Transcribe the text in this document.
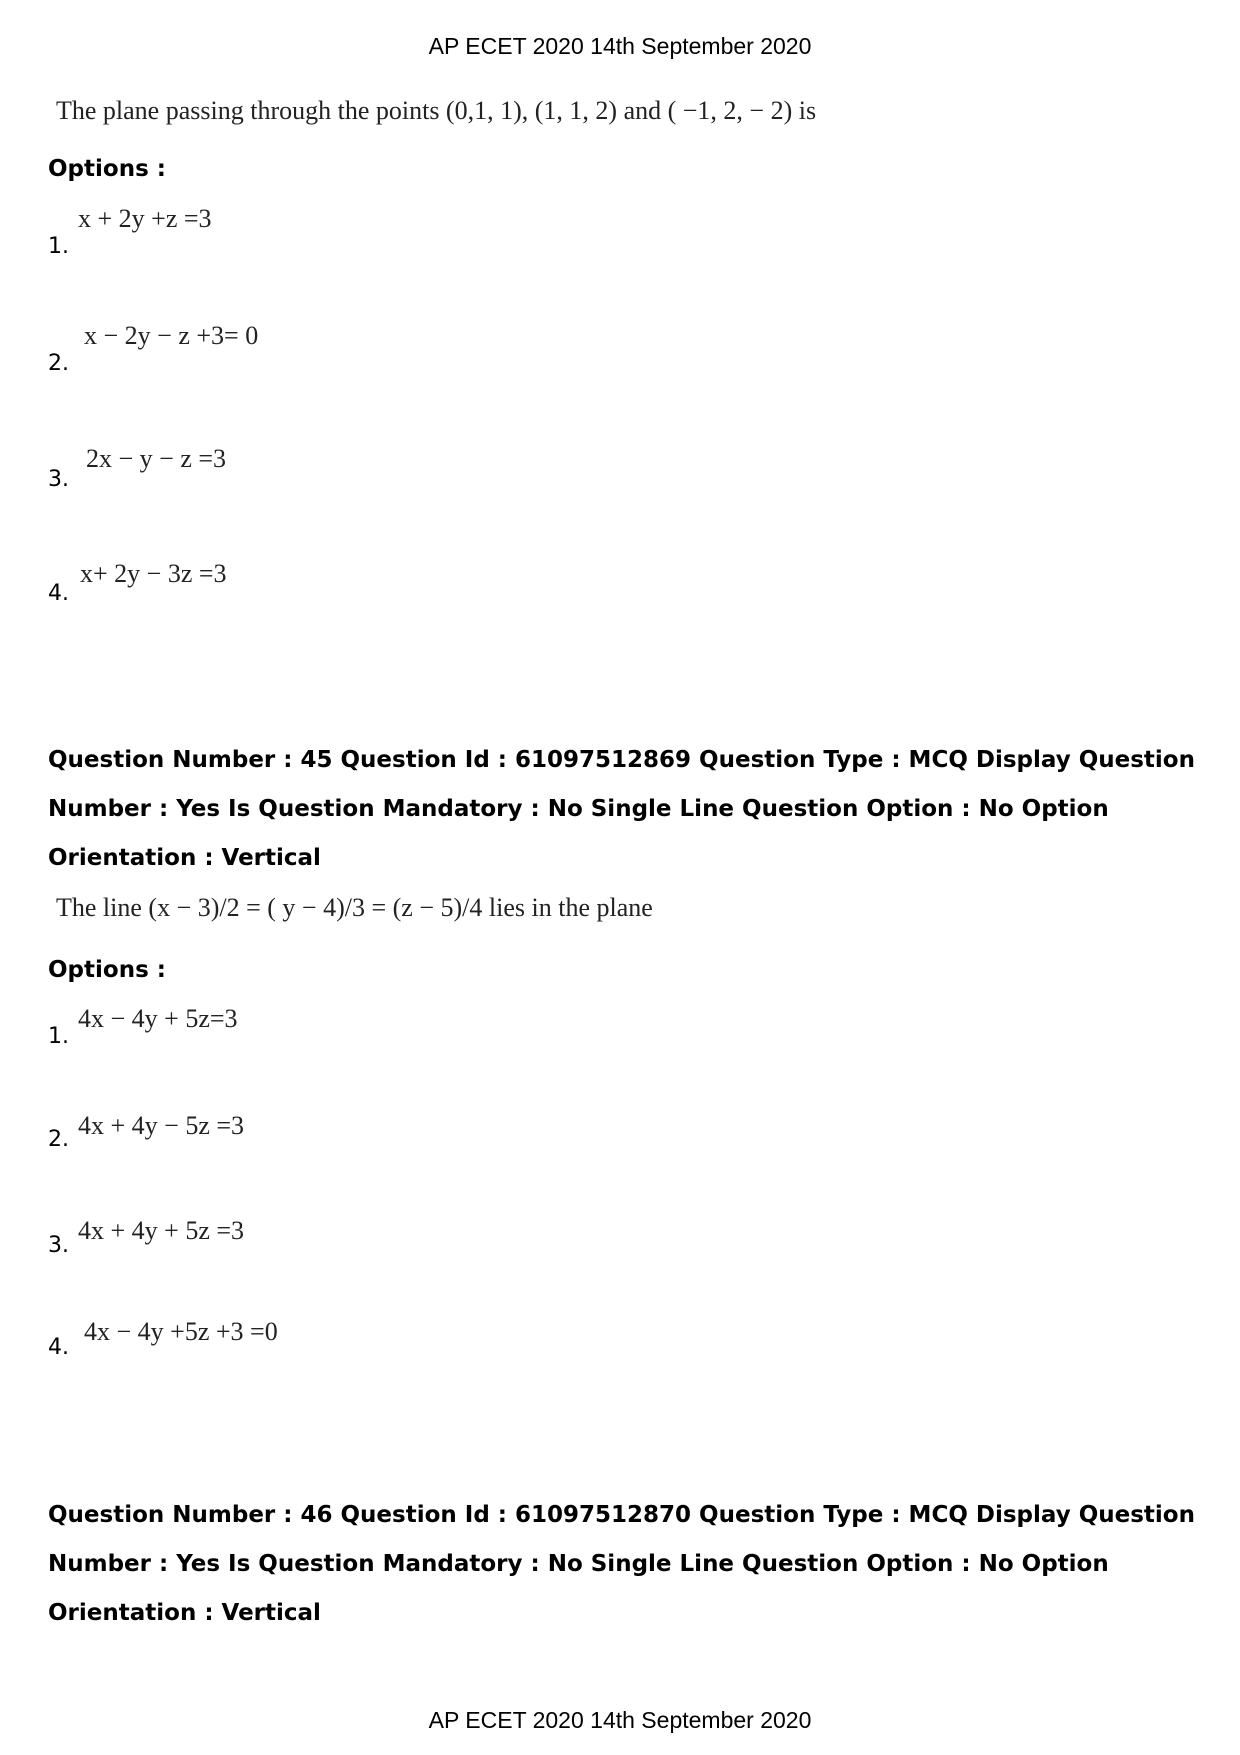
AP ECET 2020 14th September 2020
The plane passing through the points (0,1, 1), (1, 1, 2) and ( −1, 2, − 2) is
Options :
1.
x + 2y +z =3
2.
x − 2y − z +3= 0
3.
2x − y − z =3
4.
x+ 2y − 3z =3

Question Number : 45 Question Id : 61097512869 Question Type : MCQ Display Question

Number : Yes Is Question Mandatory : No Single Line Question Option : No Option

Orientation : Vertical

The line (x − 3)/2 = ( y − 4)/3 = (z − 5)/4 lies in the plane
Options :
1.
4x − 4y + 5z=3
2. 4x + 4y − 5z =3
3.
4x + 4y + 5z =3
4.
4x − 4y +5z +3 =0

Question Number : 46 Question Id : 61097512870 Question Type : MCQ Display Question

Number : Yes Is Question Mandatory : No Single Line Question Option : No Option

Orientation : Vertical

AP ECET 2020 14th September 2020
